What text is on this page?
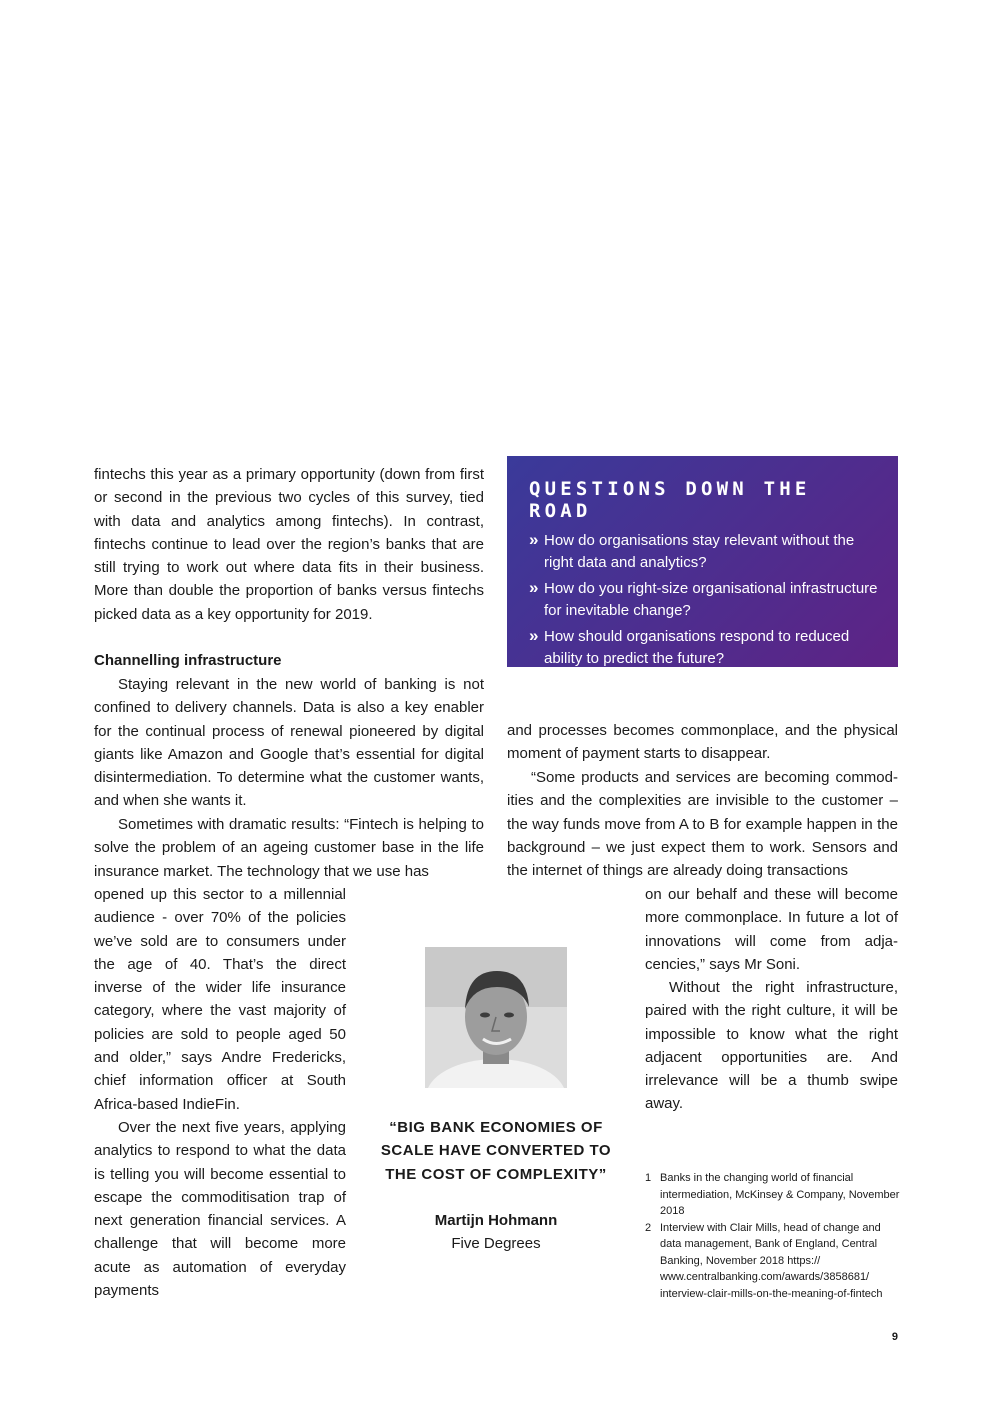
fintechs this year as a primary opportunity (down from first or second in the previous two cycles of this survey, tied with data and analytics among fintechs). In contrast, fintechs continue to lead over the region’s banks that are still trying to work out where data fits in their business. More than double the proportion of banks versus fintechs picked data as a key opportunity for 2019.

Channelling infrastructure

Staying relevant in the new world of banking is not confined to delivery channels. Data is also a key enabler for the continual process of renewal pioneered by digital giants like Amazon and Google that’s essential for digital disintermediation. To determine what the customer wants, and when she wants it.

Sometimes with dramatic results: “Fintech is helping to solve the problem of an ageing customer base in the life insurance market. The technology that we use has

opened up this sector to a millennial audience - over 70% of the policies we’ve sold are to consumers under the age of 40. That’s the direct inverse of the wider life insurance category, where the vast majority of policies are sold to people aged 50 and older,” says Andre Fredericks, chief information officer at South Africa-based IndieFin.

Over the next five years, applying analytics to respond to what the data is telling you will become essential to escape the commoditisation trap of next generation financial services. A challenge that will become more acute as automation of everyday payments

QUESTIONS DOWN THE ROAD
» How do organisations stay relevant without the right data and analytics?
» How do you right-size organisational infrastructure for inevitable change?
» How should organisations respond to reduced ability to predict the future?

and processes becomes commonplace, and the physical moment of payment starts to disappear.

“Some products and services are becoming commodities and the complexities are invisible to the customer – the way funds move from A to B for example happen in the background – we just expect them to work. Sensors and the internet of things are already doing transactions

on our behalf and these will become more commonplace. In future a lot of innovations will come from adjacencies,” says Mr Soni.

Without the right infrastructure, paired with the right culture, it will be impossible to know what the right adjacent opportunities are. And irrelevance will be a thumb swipe away.

“BIG BANK ECONOMIES OF SCALE HAVE CONVERTED TO THE COST OF COMPLEXITY”

Martijn Hohmann
Five Degrees
1 Banks in the changing world of financial intermediation, McKinsey & Company, November 2018
2 Interview with Clair Mills, head of change and data management, Bank of England, Central Banking, November 2018 https:// www.centralbanking.com/awards/3858681/ interview-clair-mills-on-the-meaning-of-fintech
9
